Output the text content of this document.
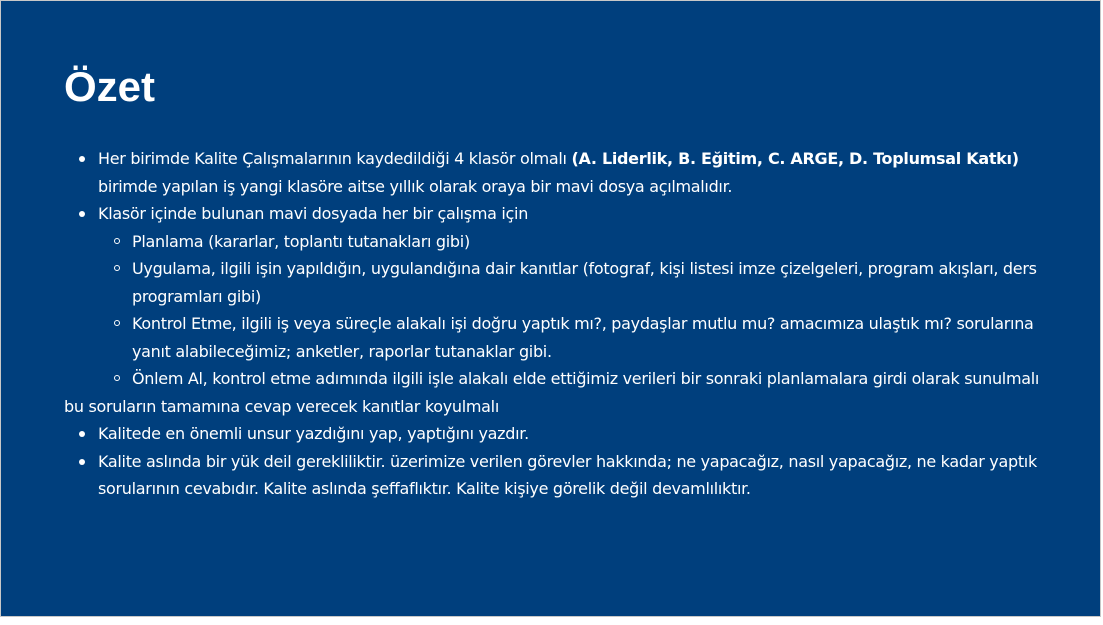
Özet
Her birimde Kalite Çalışmalarının kaydedildiği 4 klasör olmalı (A. Liderlik, B. Eğitim, C. ARGE, D. Toplumsal Katkı) birimde yapılan iş yangi klasöre aitse yıllık olarak oraya bir mavi dosya açılmalıdır.
Klasör içinde bulunan mavi dosyada her bir çalışma için
Planlama (kararlar, toplantı tutanakları gibi)
Uygulama, ilgili işin yapıldığın, uygulandığına dair kanıtlar (fotograf, kişi listesi imze çizelgeleri, program akışları, ders programları gibi)
Kontrol Etme, ilgili iş veya süreçle alakalı işi doğru yaptık mı?, paydaşlar mutlu mu? amacımıza ulaştık mı? sorularına yanıt alabileceğimiz; anketler, raporlar tutanaklar gibi.
Önlem Al, kontrol etme adımında ilgili işle alakalı elde ettiğimiz verileri bir sonraki planlamalara girdi olarak sunulmalı
bu soruların tamamına cevap verecek kanıtlar koyulmalı
Kalitede en önemli unsur yazdığını yap, yaptığını yazdır.
Kalite aslında bir yük deil gerekliliktir. üzerimize verilen görevler hakkında; ne yapacağız, nasıl yapacağız, ne kadar yaptık sorularının cevabıdır. Kalite aslında şeffaflıktır. Kalite kişiye görelik değil devamlılıktır.
